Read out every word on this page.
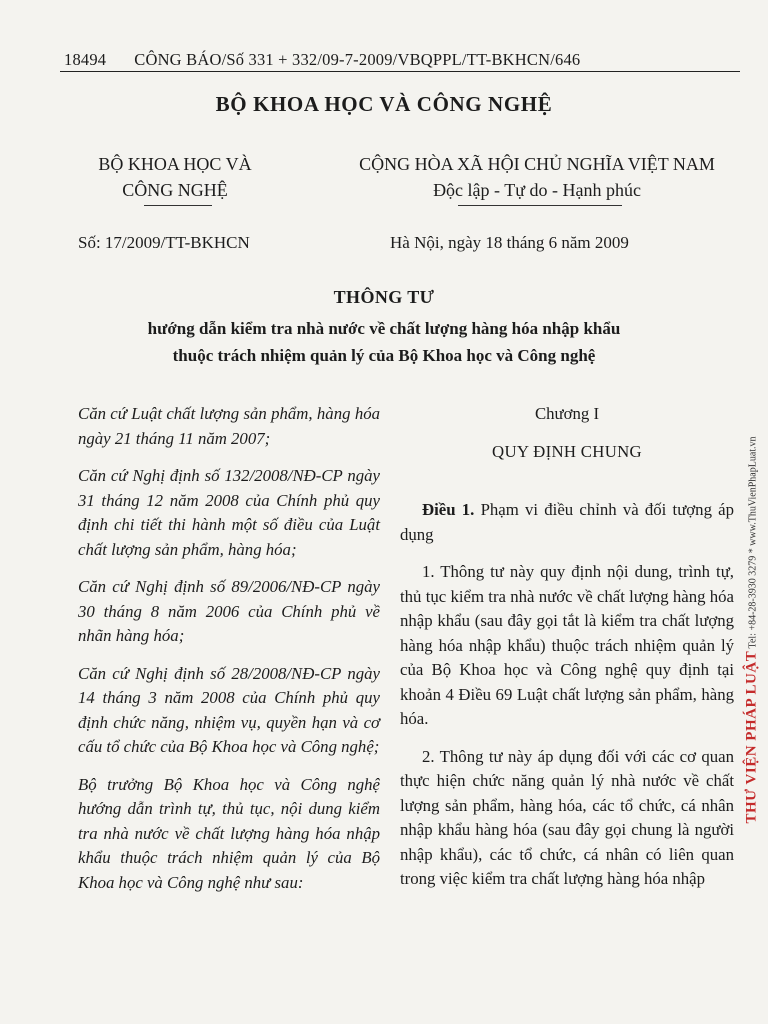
18494 CÔNG BÁO/Số 331 + 332/09-7-2009/VBQPPL/TT-BKHCN/646
BỘ KHOA HỌC VÀ CÔNG NGHỆ
BỘ KHOA HỌC VÀ
CÔNG NGHỆ
CỘNG HÒA XÃ HỘI CHỦ NGHĨA VIỆT NAM
Độc lập - Tự do - Hạnh phúc
Số: 17/2009/TT-BKHCN	Hà Nội, ngày 18 tháng 6 năm 2009
THÔNG TƯ
hướng dẫn kiểm tra nhà nước về chất lượng hàng hóa nhập khẩu
thuộc trách nhiệm quản lý của Bộ Khoa học và Công nghệ

Căn cứ Luật chất lượng sản phẩm, hàng hóa ngày 21 tháng 11 năm 2007;

Căn cứ Nghị định số 132/2008/NĐ-CP ngày 31 tháng 12 năm 2008 của Chính phủ quy định chi tiết thi hành một số điều của Luật chất lượng sản phẩm, hàng hóa;

Căn cứ Nghị định số 89/2006/NĐ-CP ngày 30 tháng 8 năm 2006 của Chính phủ về nhãn hàng hóa;

Căn cứ Nghị định số 28/2008/NĐ-CP ngày 14 tháng 3 năm 2008 của Chính phủ quy định chức năng, nhiệm vụ, quyền hạn và cơ cấu tổ chức của Bộ Khoa học và Công nghệ;

Bộ trưởng Bộ Khoa học và Công nghệ hướng dẫn trình tự, thủ tục, nội dung kiểm tra nhà nước về chất lượng hàng hóa nhập khẩu thuộc trách nhiệm quản lý của Bộ Khoa học và Công nghệ như sau:

Chương I

QUY ĐỊNH CHUNG

Điều 1. Phạm vi điều chỉnh và đối tượng áp dụng

1. Thông tư này quy định nội dung, trình tự, thủ tục kiểm tra nhà nước về chất lượng hàng hóa nhập khẩu (sau đây gọi tắt là kiểm tra chất lượng hàng hóa nhập khẩu) thuộc trách nhiệm quản lý của Bộ Khoa học và Công nghệ quy định tại khoản 4 Điều 69 Luật chất lượng sản phẩm, hàng hóa.

2. Thông tư này áp dụng đối với các cơ quan thực hiện chức năng quản lý nhà nước về chất lượng sản phẩm, hàng hóa, các tổ chức, cá nhân nhập khẩu hàng hóa (sau đây gọi chung là người nhập khẩu), các tổ chức, cá nhân có liên quan trong việc kiểm tra chất lượng hàng hóa nhập

THƯ VIỆN PHÁP LUẬT Tel: +84-28-3930 3279 * www.ThuVienPhapLuat.vn
